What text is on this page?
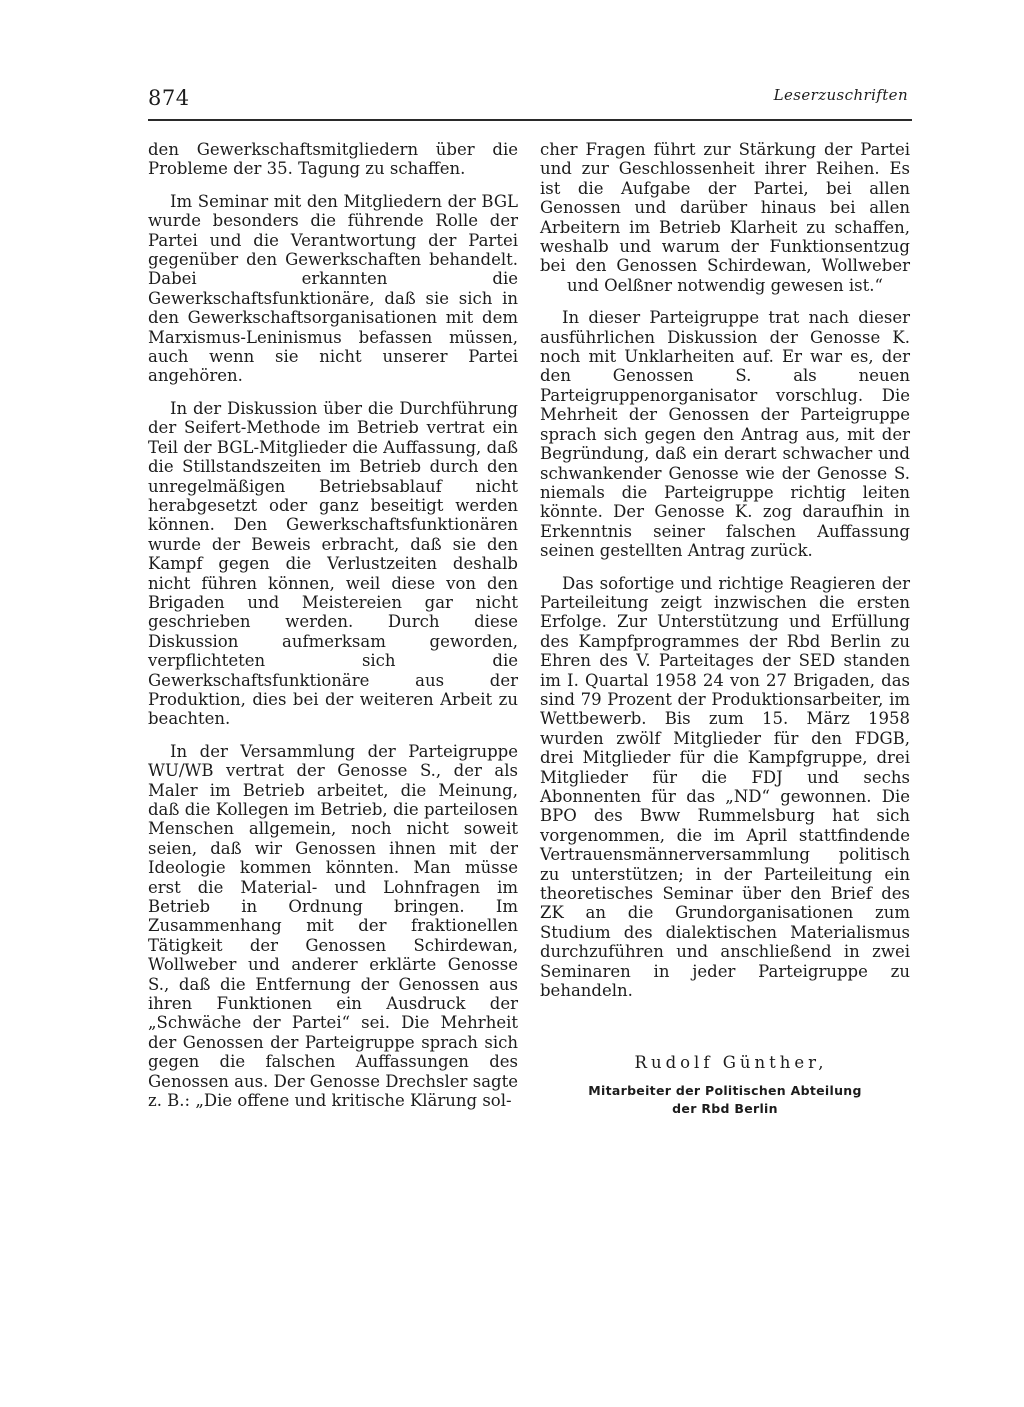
874	Leserzuschriften

den Gewerkschaftsmitgliedern über die Probleme der 35. Tagung zu schaffen.

Im Seminar mit den Mitgliedern der BGL wurde besonders die führende Rolle der Partei und die Verantwortung der Partei gegenüber den Gewerkschaften behandelt. Dabei erkannten die Gewerkschaftsfunktionäre, daß sie sich in den Gewerkschaftsorganisationen mit dem Marxismus-Leninismus befassen müssen, auch wenn sie nicht unserer Partei angehören.

In der Diskussion über die Durchführung der Seifert-Methode im Betrieb vertrat ein Teil der BGL-Mitglieder die Auffassung, daß die Stillstandszeiten im Betrieb durch den unregelmäßigen Betriebsablauf nicht herabgesetzt oder ganz beseitigt werden können. Den Gewerkschaftsfunktionären wurde der Beweis erbracht, daß sie den Kampf gegen die Verlustzeiten deshalb nicht führen können, weil diese von den Brigaden und Meistereien gar nicht geschrieben werden. Durch diese Diskussion aufmerksam geworden, verpflichteten sich die Gewerkschaftsfunktionäre aus der Produktion, dies bei der weiteren Arbeit zu beachten.

In der Versammlung der Parteigruppe WU/WB vertrat der Genosse S., der als Maler im Betrieb arbeitet, die Meinung, daß die Kollegen im Betrieb, die parteilosen Menschen allgemein, noch nicht soweit seien, daß wir Genossen ihnen mit der Ideologie kommen könnten. Man müsse erst die Material- und Lohnfragen im Betrieb in Ordnung bringen. Im Zusammenhang mit der fraktionellen Tätigkeit der Genossen Schirdewan, Wollweber und anderer erklärte Genosse S., daß die Entfernung der Genossen aus ihren Funktionen ein Ausdruck der „Schwäche der Partei“ sei. Die Mehrheit der Genossen der Parteigruppe sprach sich gegen die falschen Auffassungen des Genossen aus. Der Genosse Drechsler sagte z. B.: „Die offene und kritische Klärung sol-

cher Fragen führt zur Stärkung der Partei und zur Geschlossenheit ihrer Reihen. Es ist die Aufgabe der Partei, bei allen Genossen und darüber hinaus bei allen Arbeitern im Betrieb Klarheit zu schaffen, weshalb und warum der Funktionsentzug bei den Genossen Schirdewan, Wollweber und Oelßner notwendig gewesen ist.“

In dieser Parteigruppe trat nach dieser ausführlichen Diskussion der Genosse K. noch mit Unklarheiten auf. Er war es, der den Genossen S. als neuen Parteigruppenorganisator vorschlug. Die Mehrheit der Genossen der Parteigruppe sprach sich gegen den Antrag aus, mit der Begründung, daß ein derart schwacher und schwankender Genosse wie der Genosse S. niemals die Parteigruppe richtig leiten könnte. Der Genosse K. zog daraufhin in Erkenntnis seiner falschen Auffassung seinen gestellten Antrag zurück.

Das sofortige und richtige Reagieren der Parteileitung zeigt inzwischen die ersten Erfolge. Zur Unterstützung und Erfüllung des Kampfprogrammes der Rbd Berlin zu Ehren des V. Parteitages der SED standen im I. Quartal 1958 24 von 27 Brigaden, das sind 79 Prozent der Produktionsarbeiter, im Wettbewerb. Bis zum 15. März 1958 wurden zwölf Mitglieder für den FDGB, drei Mitglieder für die Kampfgruppe, drei Mitglieder für die FDJ und sechs Abonnenten für das „ND“ gewonnen. Die BPO des Bww Rummelsburg hat sich vorgenommen, die im April stattfindende Vertrauensmännerversammlung politisch zu unterstützen; in der Parteileitung ein theoretisches Seminar über den Brief des ZK an die Grundorganisationen zum Studium des dialektischen Materialismus durchzuführen und anschließend in zwei Seminaren in jeder Parteigruppe zu behandeln.

Rudolf Günther,
Mitarbeiter der Politischen Abteilung
der Rbd Berlin
